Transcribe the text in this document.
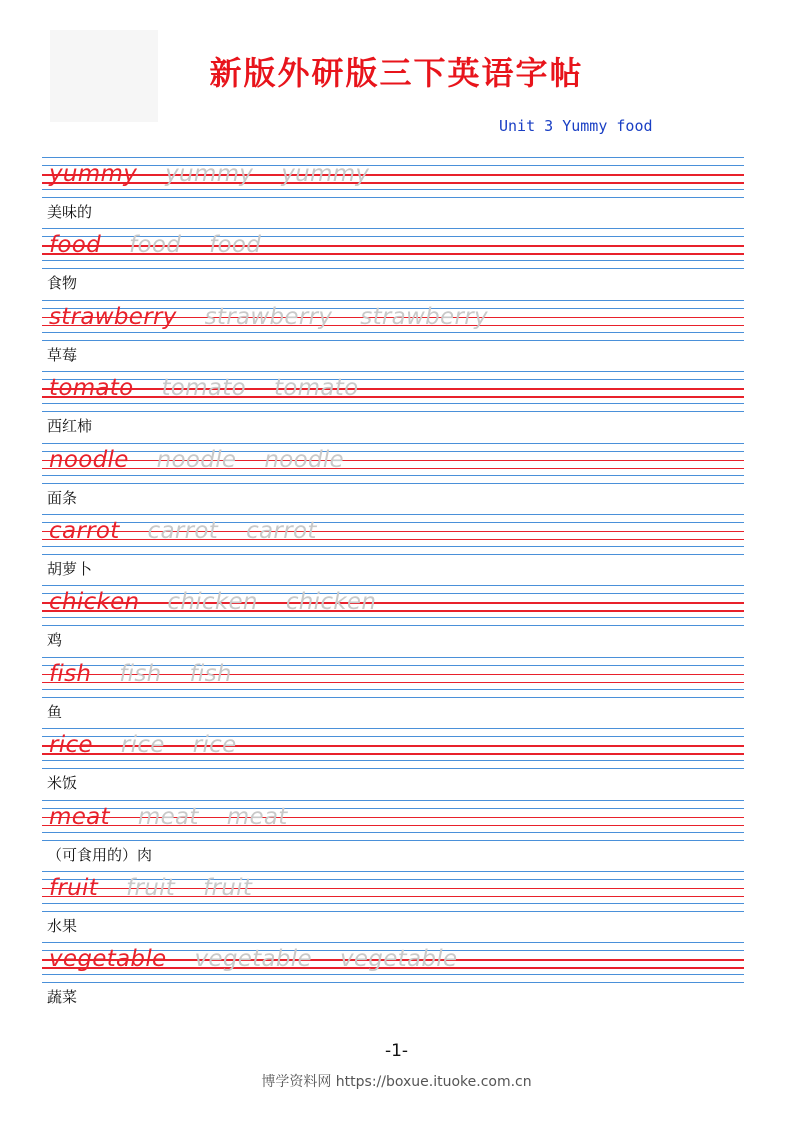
新版外研版三下英语字帖
Unit 3 Yummy food
yummy yummy yummy
美味的
food food food
食物
strawberry strawberry strawberry
草莓
tomato tomato tomato
西红柿
noodle noodle noodle
面条
carrot carrot carrot
胡萝卜
chicken chicken chicken
鸡
fish fish fish
鱼
rice rice rice
米饭
meat meat meat
（可食用的）肉
fruit fruit fruit
水果
vegetable vegetable vegetable
蔬菜
-1-
博学资料网 https://boxue.ituoke.com.cn
